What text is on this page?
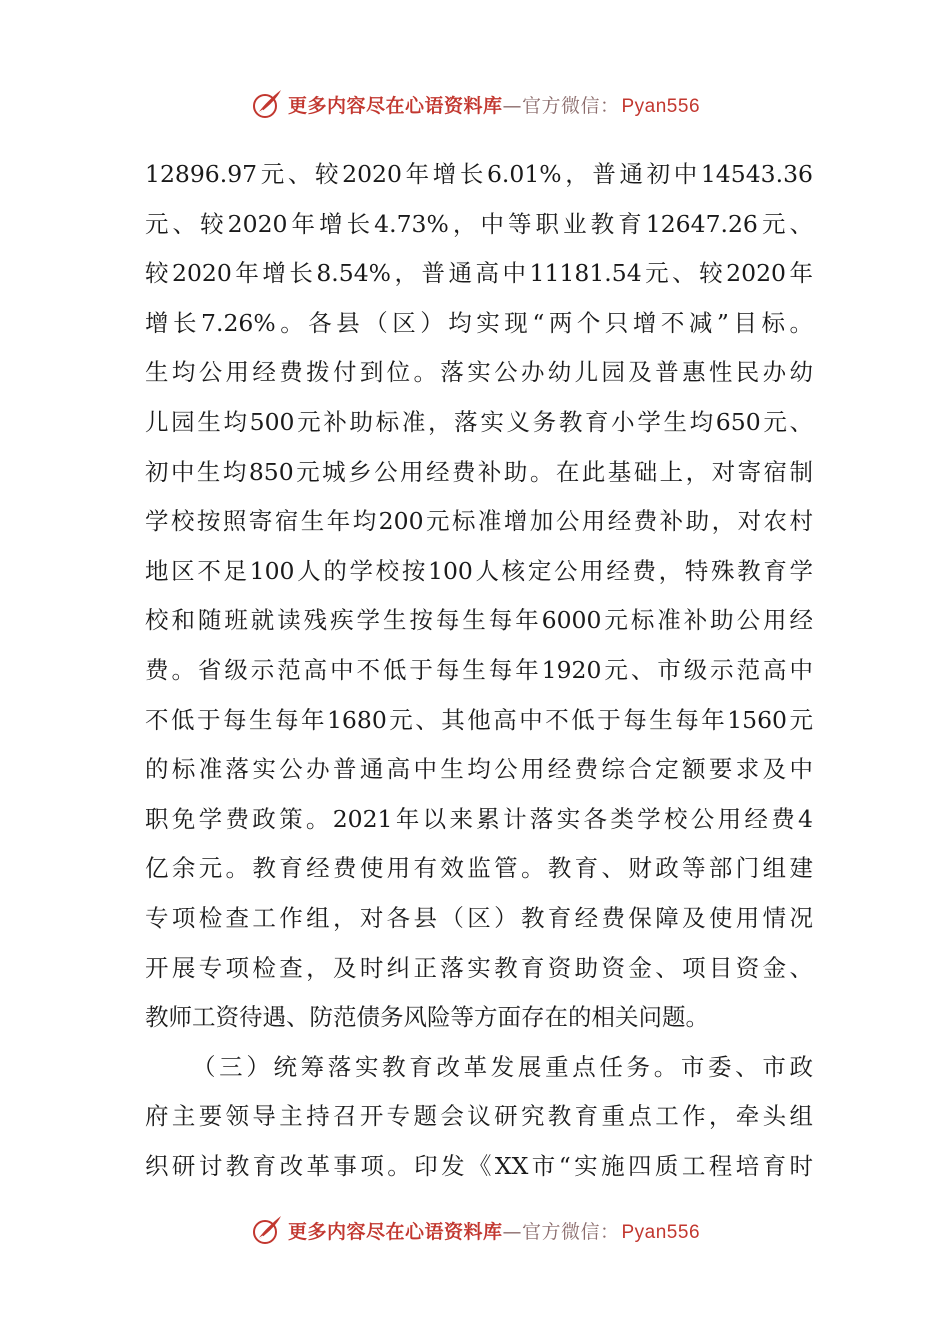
更多内容尽在心语资料库—官方微信： Pyan556
12896.97元、较2020年增长6.01%，普通初中14543.36
元、较2020年增长4.73%，中等职业教育12647.26元、
较2020年增长8.54%，普通高中11181.54元、较2020年
增长7.26%。各县（区）均实现“两个只增不减”目标。
生均公用经费拨付到位。落实公办幼儿园及普惠性民办幼
儿园生均500元补助标准，落实义务教育小学生均650元、
初中生均850元城乡公用经费补助。在此基础上，对寄宿制
学校按照寄宿生年均200元标准增加公用经费补助，对农村
地区不足100人的学校按100人核定公用经费，特殊教育学
校和随班就读残疾学生按每生每年6000元标准补助公用经
费。省级示范高中不低于每生每年1920元、市级示范高中
不低于每生每年1680元、其他高中不低于每生每年1560元
的标准落实公办普通高中生均公用经费综合定额要求及中
职免学费政策。2021年以来累计落实各类学校公用经费4
亿余元。教育经费使用有效监管。教育、财政等部门组建
专项检查工作组，对各县（区）教育经费保障及使用情况
开展专项检查，及时纠正落实教育资助资金、项目资金、
教师工资待遇、防范债务风险等方面存在的相关问题。
（三）统筹落实教育改革发展重点任务。市委、市政
府主要领导主持召开专题会议研究教育重点工作，牵头组
织研讨教育改革事项。印发《XX市“实施四质工程培育时
更多内容尽在心语资料库—官方微信： Pyan556
